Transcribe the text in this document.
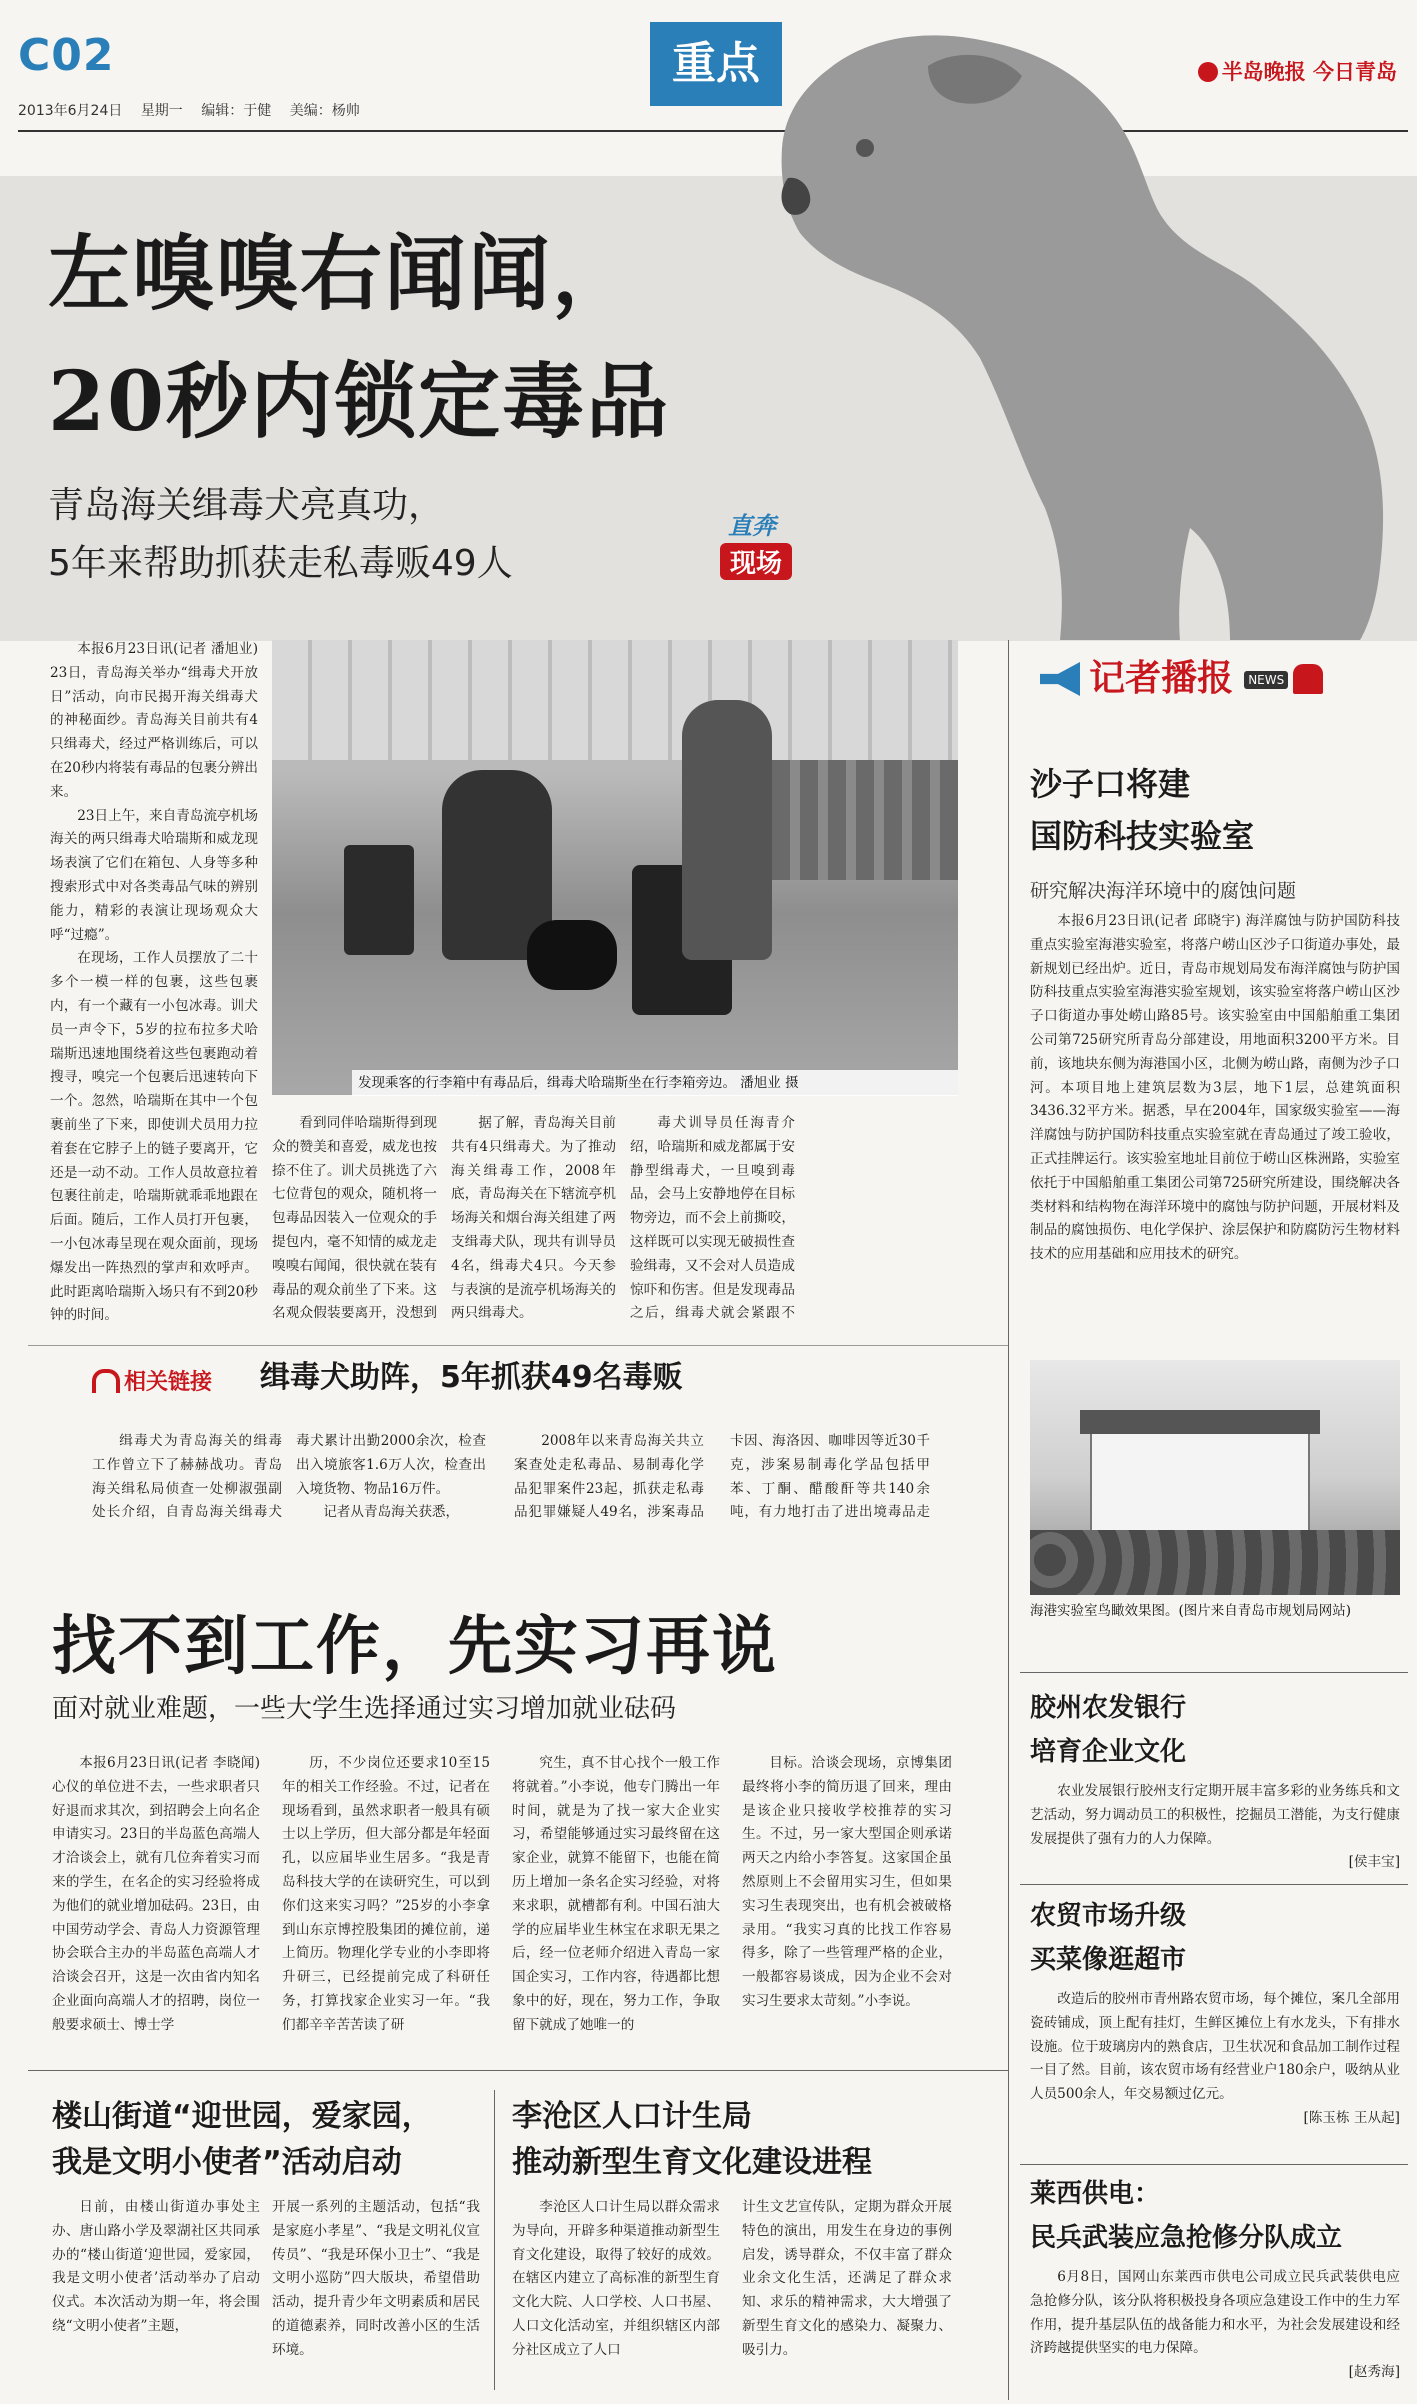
C02
2013年6月24日 星期一 编辑：于健 美编：杨帅
重点	半岛晚报 今日青岛
左嗅嗅右闻闻，
20秒内锁定毒品
青岛海关缉毒犬亮真功，
5年来帮助抓获走私毒贩49人
直奔
现场

本报6月23日讯(记者 潘旭业) 23日，青岛海关举办“缉毒犬开放日”活动，向市民揭开海关缉毒犬的神秘面纱。青岛海关目前共有4只缉毒犬，经过严格训练后，可以在20秒内将装有毒品的包裹分辨出来。

23日上午，来自青岛流亭机场海关的两只缉毒犬哈瑞斯和威龙现场表演了它们在箱包、人身等多种搜索形式中对各类毒品气味的辨别能力，精彩的表演让现场观众大呼“过瘾”。

在现场，工作人员摆放了二十多个一模一样的包裹，这些包裹内，有一个藏有一小包冰毒。训犬员一声令下，5岁的拉布拉多犬哈瑞斯迅速地围绕着这些包裹跑动着搜寻，嗅完一个包裹后迅速转向下一个。忽然，哈瑞斯在其中一个包裹前坐了下来，即使训犬员用力拉着套在它脖子上的链子要离开，它还是一动不动。工作人员故意拉着包裹往前走，哈瑞斯就乖乖地跟在后面。随后，工作人员打开包裹，一小包冰毒呈现在观众面前，现场爆发出一阵热烈的掌声和欢呼声。此时距离哈瑞斯入场只有不到20秒钟的时间。

发现乘客的行李箱中有毒品后，缉毒犬哈瑞斯坐在行李箱旁边。 潘旭业 摄

看到同伴哈瑞斯得到现众的赞美和喜爱，威龙也按捺不住了。训犬员挑选了六七位背包的观众，随机将一包毒品因装入一位观众的手提包内，毫不知情的威龙走嗅嗅右闻闻，很快就在装有毒品的观众前坐了下来。这名观众假装要离开，没想到

据了解，青岛海关目前共有4只缉毒犬。为了推动海关缉毒工作，2008年底，青岛海关在下辖流亭机场海关和烟台海关组建了两支缉毒犬队，现共有训导员4名，缉毒犬4只。今天参与表演的是流亭机场海关的两只缉毒犬。

毒犬训导员任海青介绍，哈瑞斯和威龙都属于安静型缉毒犬，一旦嗅到毒品，会马上安静地停在目标物旁边，而不会上前撕咬，这样既可以实现无破损性查验缉毒，又不会对人员造成惊吓和伤害。但是发现毒品之后，缉毒犬就会紧跟不

相关链接 缉毒犬助阵，5年抓获49名毒贩

缉毒犬为青岛海关的缉毒工作曾立下了赫赫战功。青岛海关缉私局侦查一处柳淑强副处长介绍，自青岛海关缉毒犬

毒犬累计出勤2000余次，检查出入境旅客1.6万人次，检查出入境货物、物品16万件。

记者从青岛海关获悉，

2008年以来青岛海关共立案查处走私毒品、易制毒化学品犯罪案件23起，抓获走私毒品犯罪嫌疑人49名，涉案毒品

卡因、海洛因、咖啡因等近30千克，涉案易制毒化学品包括甲苯、丁酮、醋酸酐等共140余吨，有力地打击了进出境毒品走
找不到工作，先实习再说
面对就业难题，一些大学生选择通过实习增加就业砝码

本报6月23日讯(记者 李晓闻) 心仪的单位进不去，一些求职者只好退而求其次，到招聘会上向名企申请实习。23日的半岛蓝色高端人才洽谈会上，就有几位奔着实习而来的学生，在名企的实习经验将成为他们的就业增加砝码。23日，由中国劳动学会、青岛人力资源管理协会联合主办的半岛蓝色高端人才洽谈会召开，这是一次由省内知名企业面向高端人才的招聘，岗位一般要求硕士、博士学

历，不少岗位还要求10至15年的相关工作经验。不过，记者在现场看到，虽然求职者一般具有硕士以上学历，但大部分都是年轻面孔，以应届毕业生居多。“我是青岛科技大学的在读研究生，可以到你们这来实习吗？”25岁的小李拿到山东京博控股集团的摊位前，递上简历。物理化学专业的小李即将升研三，已经提前完成了科研任务，打算找家企业实习一年。“我们都辛辛苦苦读了研

究生，真不甘心找个一般工作将就着。”小李说，他专门腾出一年时间，就是为了找一家大企业实习，希望能够通过实习最终留在这家企业，就算不能留下，也能在简历上增加一条名企实习经验，对将来求职，就槽都有利。中国石油大学的应届毕业生林宝在求职无果之后，经一位老师介绍进入青岛一家国企实习，工作内容，待遇都比想象中的好，现在，努力工作，争取留下就成了她唯一的

目标。洽谈会现场，京博集团最终将小李的简历退了回来，理由是该企业只接收学校推荐的实习生。不过，另一家大型国企则承诺两天之内给小李答复。这家国企虽然原则上不会留用实习生，但如果实习生表现突出，也有机会被破格录用。“我实习真的比找工作容易得多，除了一些管理严格的企业，一般都容易谈成，因为企业不会对实习生要求太苛刻。”小李说。

楼山街道“迎世园，爱家园，
我是文明小使者”活动启动

日前，由楼山街道办事处主办、唐山路小学及翠湖社区共同承办的“楼山街道‘迎世园，爱家园，我是文明小使者’活动举办了启动仪式。本次活动为期一年，将会围绕“文明小使者”主题，

开展一系列的主题活动，包括“我是家庭小孝星”、“我是文明礼仪宣传员”、“我是环保小卫士”、“我是文明小巡防”四大版块，希望借助活动，提升青少年文明素质和居民的道德素养，同时改善小区的生活环境。
李沧区人口计生局
推动新型生育文化建设进程

李沧区人口计生局以群众需求为导向，开辟多种渠道推动新型生育文化建设，取得了较好的成效。在辖区内建立了高标准的新型生育文化大院、人口学校、人口书屋、人口文化活动室，并组织辖区内部分社区成立了人口

计生文艺宣传队，定期为群众开展特色的演出，用发生在身边的事例启发，诱导群众，不仅丰富了群众业余文化生活，还满足了群众求知、求乐的精神需求，大大增强了新型生育文化的感染力、凝聚力、吸引力。
记者播报 $^{NEWS}$
沙子口将建
国防科技实验室
研究解决海洋环境中的腐蚀问题

本报6月23日讯(记者 邱晓宇) 海洋腐蚀与防护国防科技重点实验室海港实验室，将落户崂山区沙子口街道办事处，最新规划已经出炉。近日，青岛市规划局发布海洋腐蚀与防护国防科技重点实验室海港实验室规划，该实验室将落户崂山区沙子口街道办事处崂山路85号。该实验室由中国船舶重工集团公司第725研究所青岛分部建设，用地面积3200平方米。目前，该地块东侧为海港国小区，北侧为崂山路，南侧为沙子口河。本项目地上建筑层数为3层，地下1层，总建筑面积3436.32平方米。据悉，早在2004年，国家级实验室——海洋腐蚀与防护国防科技重点实验室就在青岛通过了竣工验收，正式挂牌运行。该实验室地址目前位于崂山区株洲路，实验室依托于中国船舶重工集团公司第725研究所建设，围绕解决各类材料和结构物在海洋环境中的腐蚀与防护问题，开展材料及制品的腐蚀损伤、电化学保护、涂层保护和防腐防污生物材料技术的应用基础和应用技术的研究。

海港实验室鸟瞰效果图。(图片来自青岛市规划局网站)
胶州农发银行
培育企业文化

农业发展银行胶州支行定期开展丰富多彩的业务练兵和文艺活动，努力调动员工的积极性，挖掘员工潜能，为支行健康发展提供了强有力的人力保障。

[侯丰宝]
农贸市场升级
买菜像逛超市

改造后的胶州市青州路农贸市场，每个摊位，案几全部用瓷砖铺成，顶上配有挂灯，生鲜区摊位上有水龙头，下有排水设施。位于玻璃房内的熟食店，卫生状况和食品加工制作过程一目了然。目前，该农贸市场有经营业户180余户，吸纳从业人员500余人，年交易额过亿元。

[陈玉栋 王从起]
莱西供电：
民兵武装应急抢修分队成立

6月8日，国网山东莱西市供电公司成立民兵武装供电应急抢修分队，该分队将积极投身各项应急建设工作中的生力军作用，提升基层队伍的战备能力和水平，为社会发展建设和经济跨越提供坚实的电力保障。

[赵秀海]
